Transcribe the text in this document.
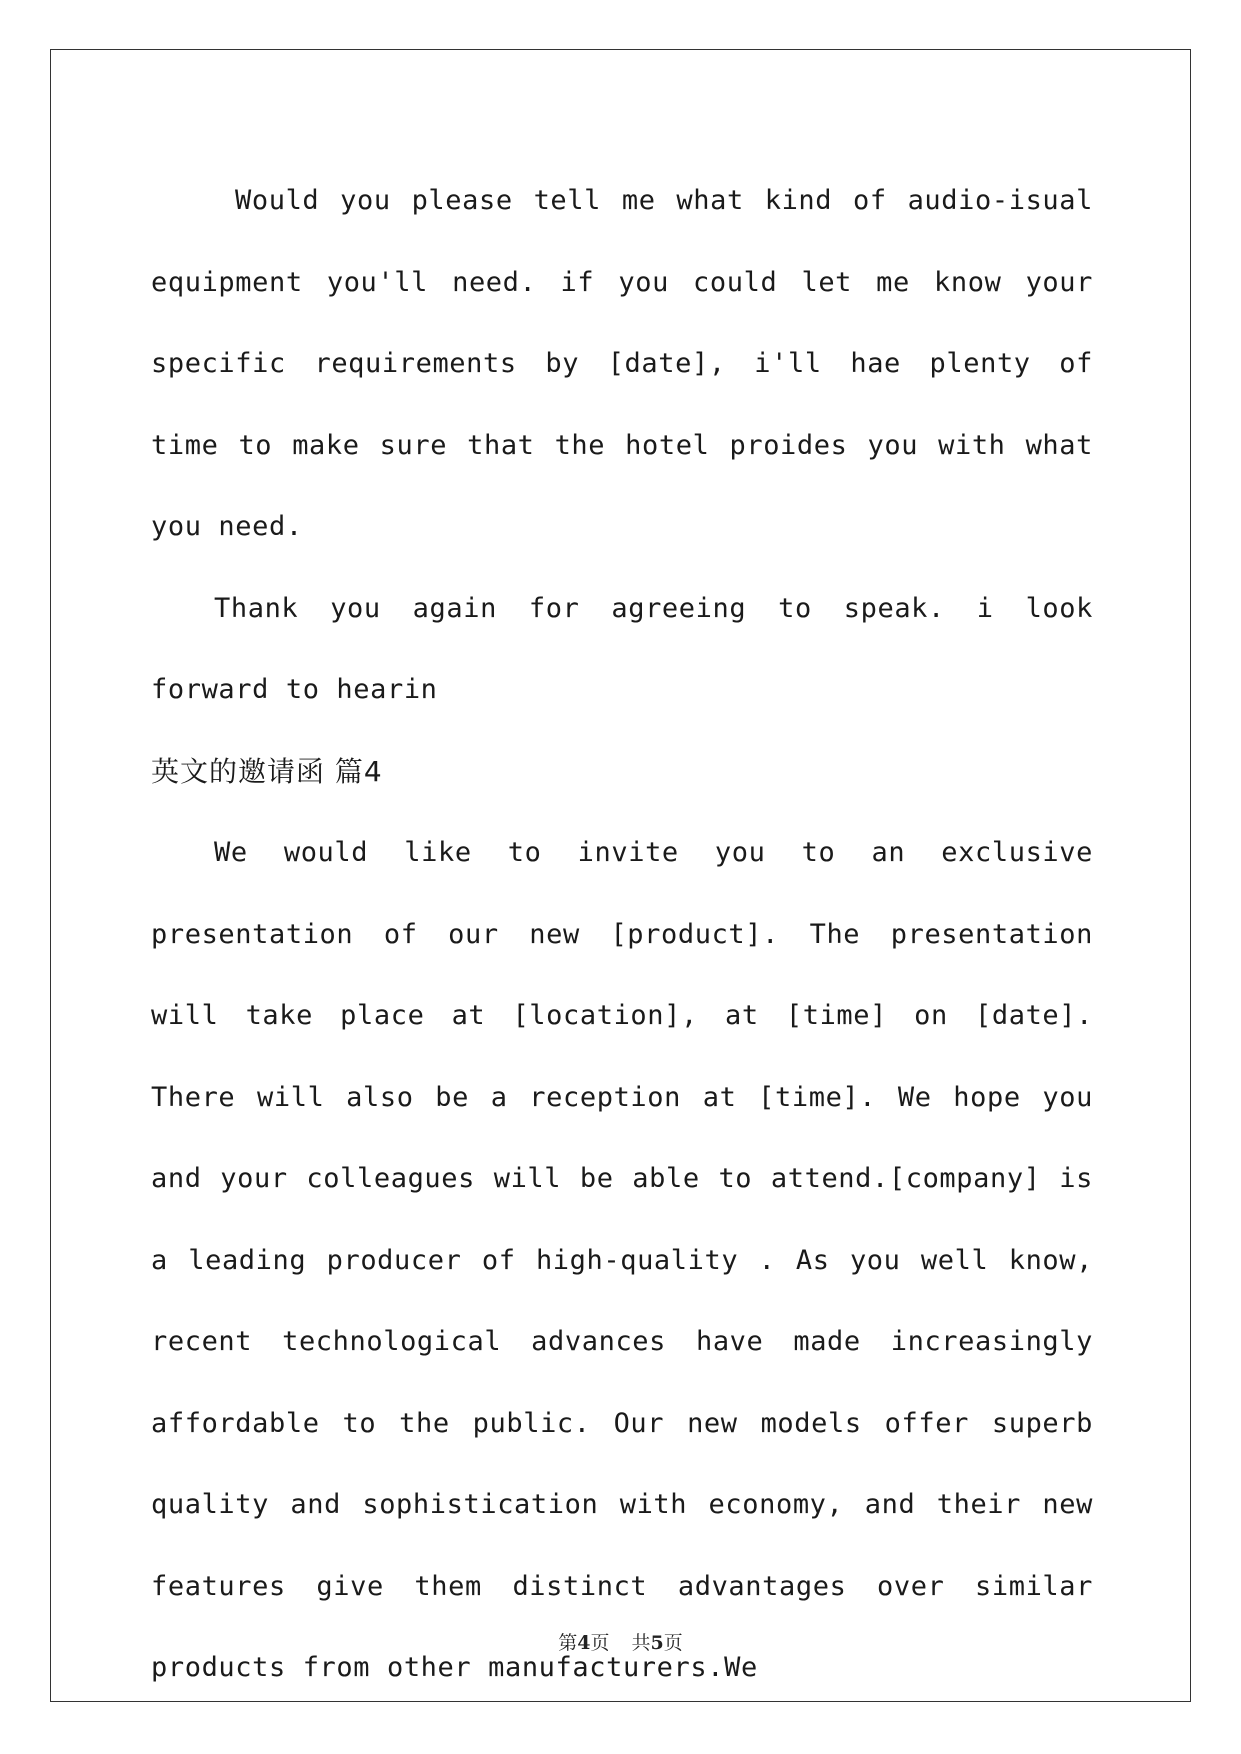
Would you please tell me what kind of audio-isual equipment you'll need. if you could let me know your specific requirements by [date], i'll hae plenty of time to make sure that the hotel proides you with what you need.

Thank you again for agreeing to speak. i look forward to hearin

英文的邀请函 篇4

We would like to invite you to an exclusive presentation of our new [product]. The presentation will take place at [location], at [time] on [date]. There will also be a reception at [time]. We hope you and your colleagues will be able to attend.[company] is a leading producer of high-quality . As you well know, recent technological advances have made increasingly affordable to the public. Our new models offer superb quality and sophistication with economy, and their new features give them distinct advantages over similar products from other manufacturers.We

第4页 共5页
